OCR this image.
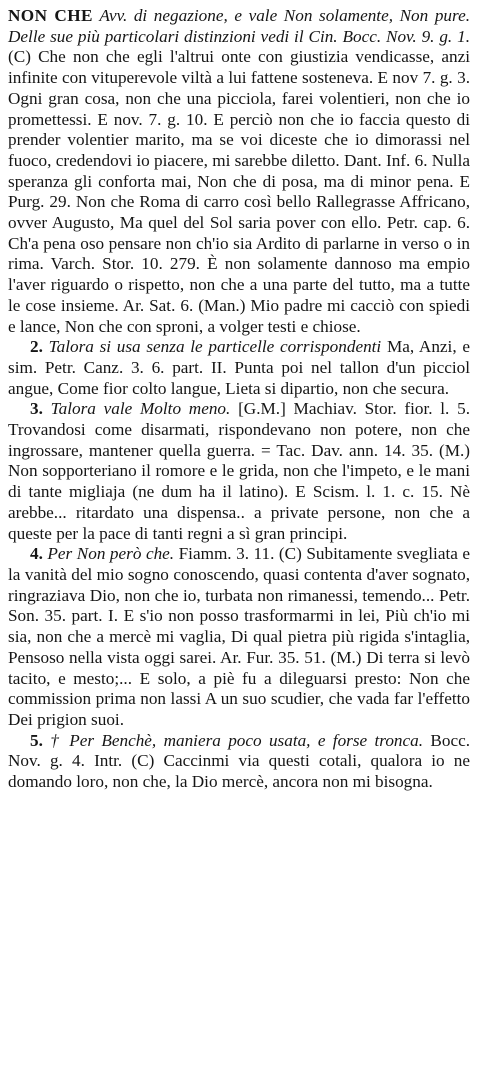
NON CHE Avv. di negazione, e vale Non solamente, Non pure. Delle sue più particolari distinzioni vedi il Cin. Bocc. Nov. 9. g. 1. (C) Che non che egli l'altrui onte con giustizia vendicasse, anzi infinite con vituperevole viltà a lui fattene sosteneva. E nov 7. g. 3. Ogni gran cosa, non che una picciola, farei volentieri, non che io promettessi. E nov. 7. g. 10. E perciò non che io faccia questo di prender volentier marito, ma se voi diceste che io dimorassi nel fuoco, credendovi io piacere, mi sarebbe diletto. Dant. Inf. 6. Nulla speranza gli conforta mai, Non che di posa, ma di minor pena. E Purg. 29. Non che Roma di carro così bello Rallegrasse Affricano, ovver Augusto, Ma quel del Sol saria pover con ello. Petr. cap. 6. Ch'a pena oso pensare non ch'io sia Ardito di parlarne in verso o in rima. Varch. Stor. 10. 279. È non solamente dannoso ma empio l'aver riguardo o rispetto, non che a una parte del tutto, ma a tutte le cose insieme. Ar. Sat. 6. (Man.) Mio padre mi cacciò con spiedi e lance, Non che con sproni, a volger testi e chiose.

2. Talora si usa senza le particelle corrispondenti Ma, Anzi, e sim. Petr. Canz. 3. 6. part. II. Punta poi nel tallon d'un picciol angue, Come fior colto langue, Lieta si dipartio, non che secura.

3. Talora vale Molto meno. [G.M.] Machiav. Stor. fior. l. 5. Trovandosi come disarmati, rispondevano non potere, non che ingrossare, mantener quella guerra. = Tac. Dav. ann. 14. 35. (M.) Non sopporteriano il romore e le grida, non che l'impeto, e le mani di tante migliaja (ne dum ha il latino). E Scism. l. 1. c. 15. Nè arebbe... ritardato una dispensa.. a private persone, non che a queste per la pace di tanti regni a sì gran principi.

4. Per Non però che. Fiamm. 3. 11. (C) Subitamente svegliata e la vanità del mio sogno conoscendo, quasi contenta d'aver sognato, ringraziava Dio, non che io, turbata non rimanessi, temendo... Petr. Son. 35. part. I. E s'io non posso trasformarmi in lei, Più ch'io mi sia, non che a mercè mi vaglia, Di qual pietra più rigida s'intaglia, Pensoso nella vista oggi sarei. Ar. Fur. 35. 51. (M.) Di terra si levò tacito, e mesto;... E solo, a piè fu a dileguarsi presto: Non che commission prima non lassi A un suo scudier, che vada far l'effetto Dei prigion suoi.

5. † Per Benchè, maniera poco usata, e forse tronca. Bocc. Nov. g. 4. Intr. (C) Caccinmi via questi cotali, qualora io ne domando loro, non che, la Dio mercè, ancora non mi bisogna.
